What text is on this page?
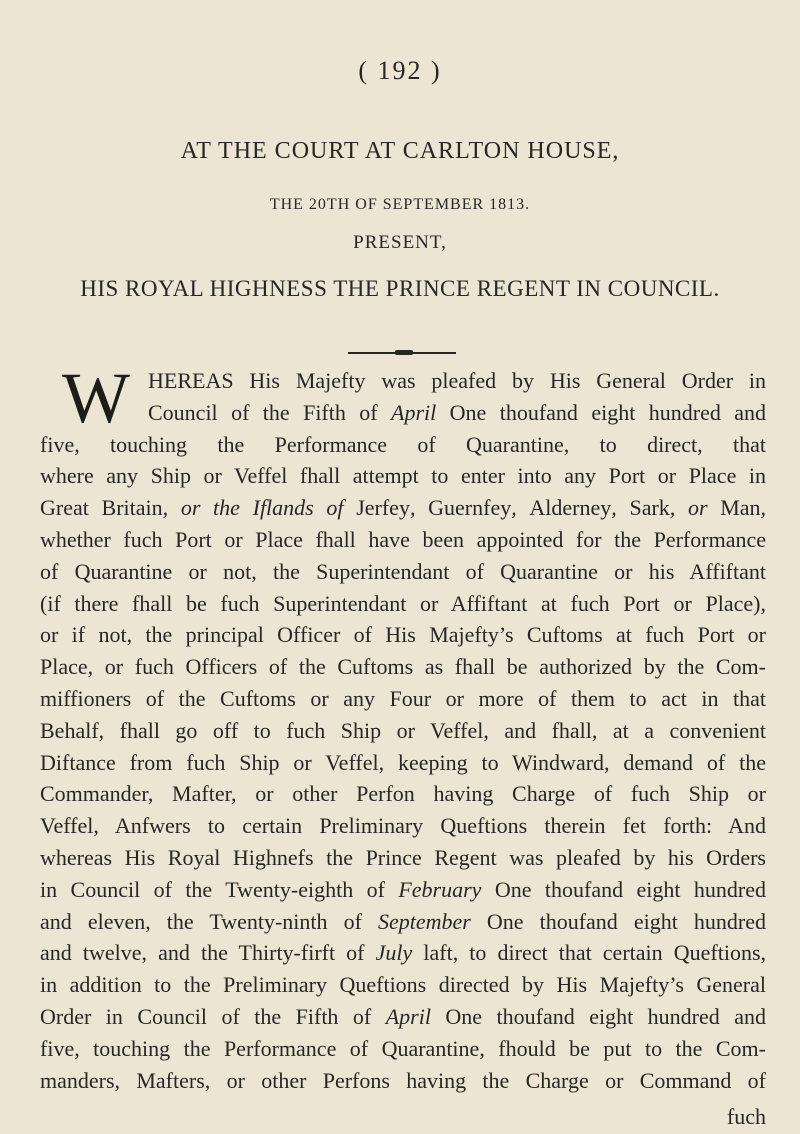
( 192 )
AT THE COURT AT CARLTON HOUSE,
THE 20TH OF SEPTEMBER 1813.
PRESENT,
HIS ROYAL HIGHNESS THE PRINCE REGENT IN COUNCIL.
W HEREAS His Majefty was pleafed by His General Order in
Council of the Fifth of April One thoufand eight hundred and
five, touching the Performance of Quarantine, to direct, that
where any Ship or Veffel fhall attempt to enter into any Port or Place in
Great Britain, or the Iflands of Jerfey, Guernfey, Alderney, Sark, or Man,
whether fuch Port or Place fhall have been appointed for the Performance
of Quarantine or not, the Superintendant of Quarantine or his Affiftant
(if there fhall be fuch Superintendant or Affiftant at fuch Port or Place),
or if not, the principal Officer of His Majefty’s Cuftoms at fuch Port or
Place, or fuch Officers of the Cuftoms as fhall be authorized by the Com-
miffioners of the Cuftoms or any Four or more of them to act in that
Behalf, fhall go off to fuch Ship or Veffel, and fhall, at a convenient
Diftance from fuch Ship or Veffel, keeping to Windward, demand of the
Commander, Mafter, or other Perfon having Charge of fuch Ship or
Veffel, Anfwers to certain Preliminary Queftions therein fet forth: And
whereas His Royal Highnefs the Prince Regent was pleafed by his Orders
in Council of the Twenty-eighth of February One thoufand eight hundred
and eleven, the Twenty-ninth of September One thoufand eight hundred
and twelve, and the Thirty-firft of July laft, to direct that certain Queftions,
in addition to the Preliminary Queftions directed by His Majefty’s General
Order in Council of the Fifth of April One thoufand eight hundred and
five, touching the Performance of Quarantine, fhould be put to the Com-
manders, Mafters, or other Perfons having the Charge or Command of
fuch
